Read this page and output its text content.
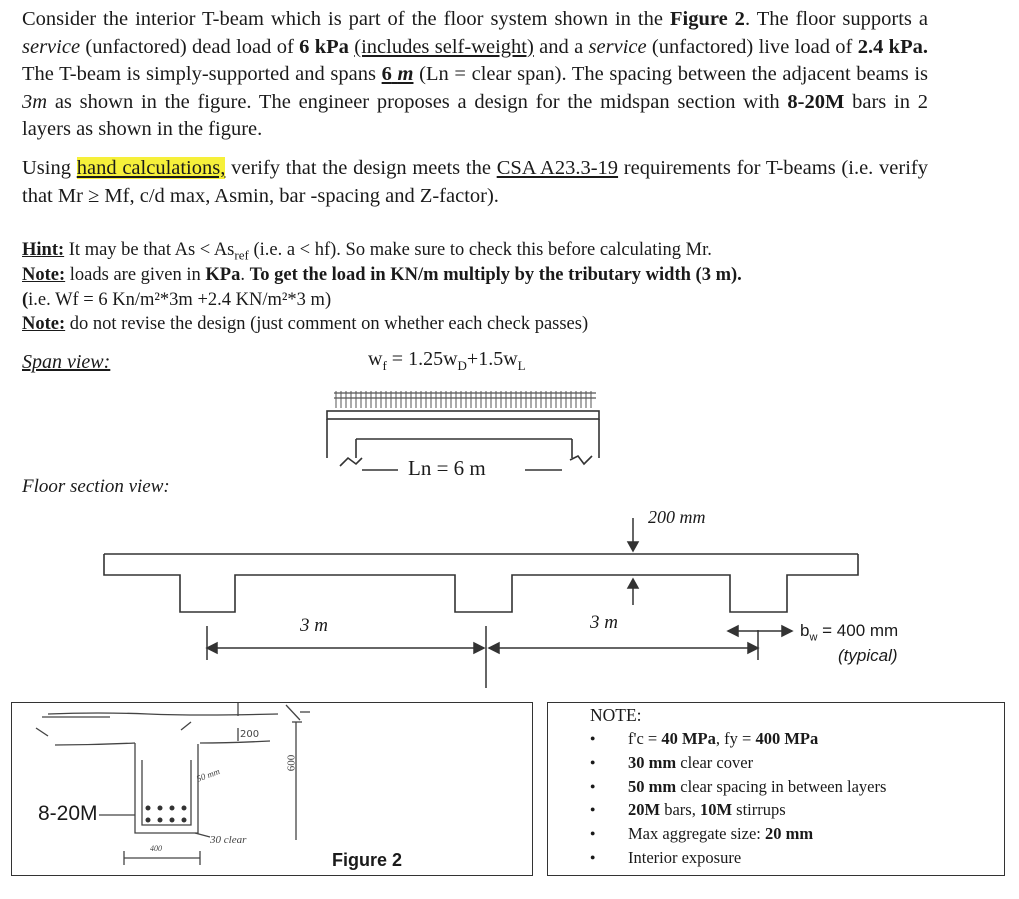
Consider the interior T-beam which is part of the floor system shown in the Figure 2. The floor supports a service (unfactored) dead load of 6 kPa (includes self-weight) and a service (unfactored) live load of 2.4 kPa. The T-beam is simply-supported and spans 6 m (Ln = clear span). The spacing between the adjacent beams is 3m as shown in the figure. The engineer proposes a design for the midspan section with 8-20M bars in 2 layers as shown in the figure.

Using hand calculations, verify that the design meets the CSA A23.3-19 requirements for T-beams (i.e. verify that Mr ≥ Mf, c/d max, Asmin, bar -spacing and Z-factor).

Hint: It may be that $As < As_{ref}$ (i.e. a < hf). So make sure to check this before calculating Mr.
Note: loads are given in KPa. To get the load in KN/m multiply by the tributary width (3 m).
(i.e. Wf = 6 Kn/m²*3m +2.4 KN/m²*3 m)
Note: do not revise the design (just comment on whether each check passes)
Span view:	$w_f = 1.25w_D+1.5w_L$
Ln = 6 m
Floor section view:
200 mm
3 m	3 m	$b_w = 400$ mm
(typical)
200
50 mm
600
400
30 clear
8-20M
Figure 2
NOTE:
● f'c = 40 MPa, fy = 400 MPa
● 30 mm clear cover
● 50 mm clear spacing in between layers
● 20M bars, 10M stirrups
● Max aggregate size: 20 mm
● Interior exposure
